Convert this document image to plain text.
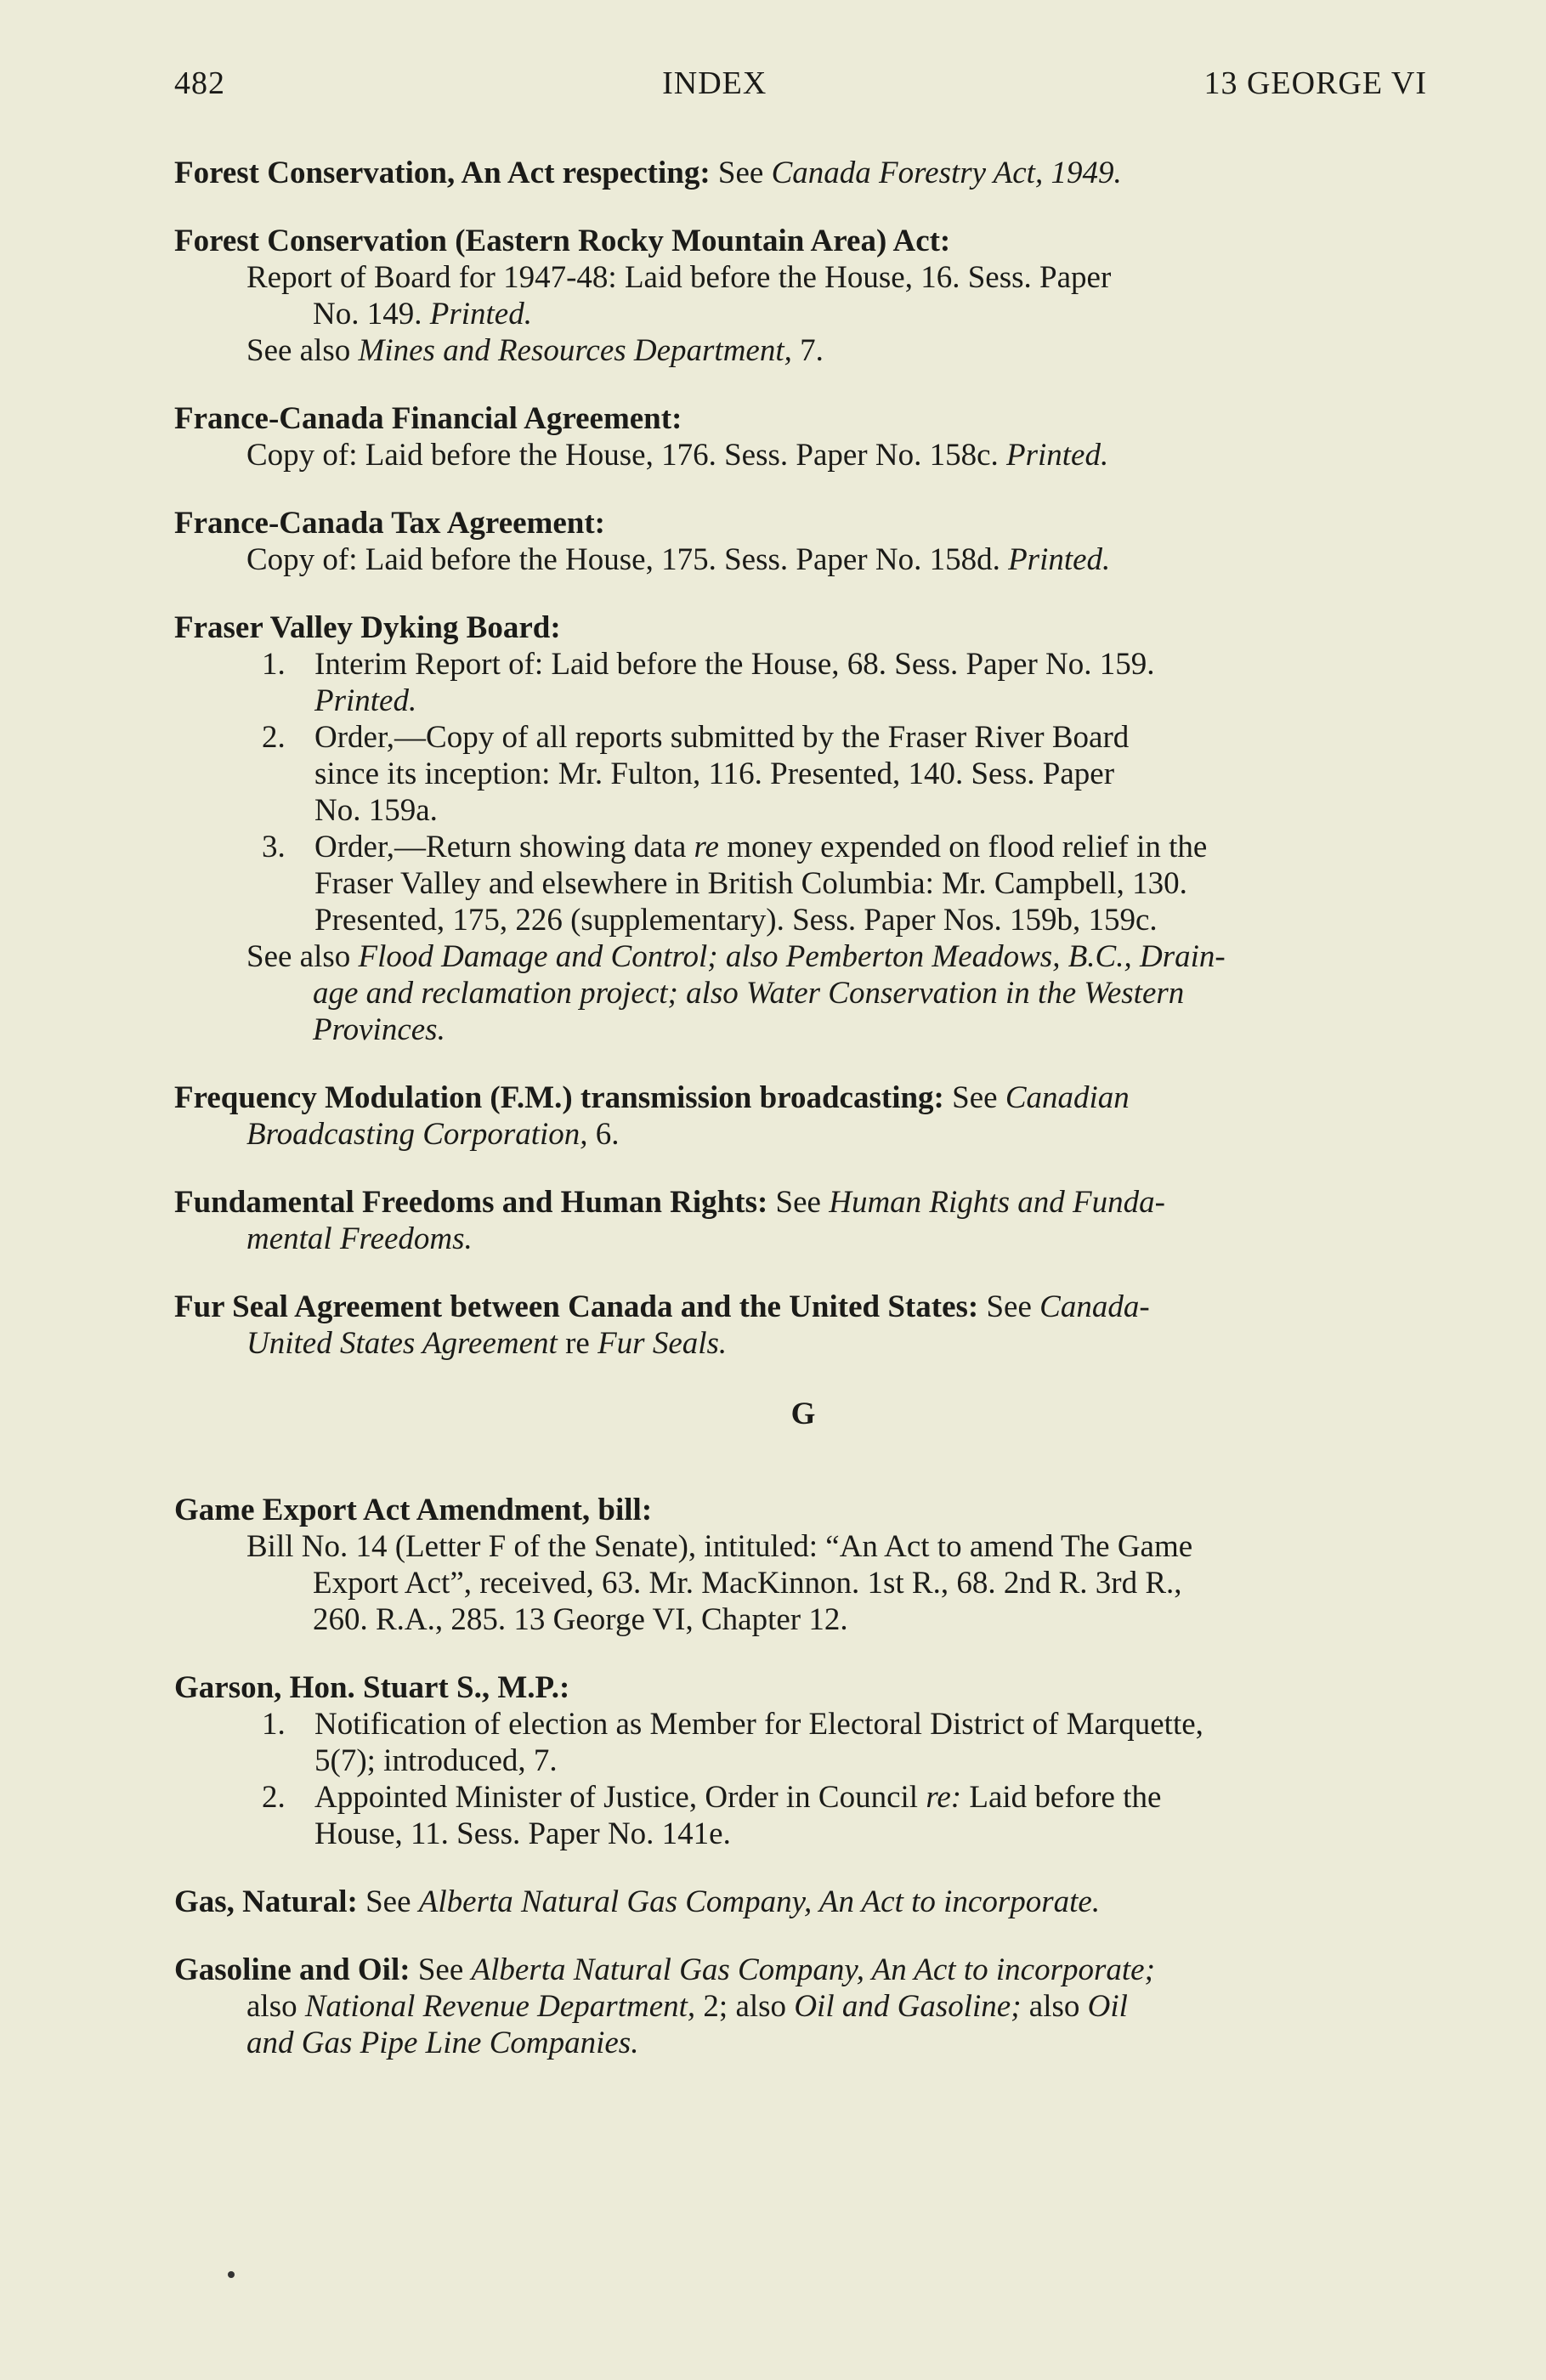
482	INDEX	13 GEORGE VI
Forest Conservation, An Act respecting: See Canada Forestry Act, 1949.
Forest Conservation (Eastern Rocky Mountain Area) Act:
Report of Board for 1947-48: Laid before the House, 16. Sess. Paper
No. 149. Printed.
See also Mines and Resources Department, 7.
France-Canada Financial Agreement:
Copy of: Laid before the House, 176. Sess. Paper No. 158c. Printed.
France-Canada Tax Agreement:
Copy of: Laid before the House, 175. Sess. Paper No. 158d. Printed.
Fraser Valley Dyking Board:
1. Interim Report of: Laid before the House, 68. Sess. Paper No. 159.
Printed.
2. Order,—Copy of all reports submitted by the Fraser River Board
since its inception: Mr. Fulton, 116. Presented, 140. Sess. Paper
No. 159a.
3. Order,—Return showing data re money expended on flood relief in the
Fraser Valley and elsewhere in British Columbia: Mr. Campbell, 130.
Presented, 175, 226 (supplementary). Sess. Paper Nos. 159b, 159c.
See also Flood Damage and Control; also Pemberton Meadows, B.C., Drain-
age and reclamation project; also Water Conservation in the Western
Provinces.
Frequency Modulation (F.M.) transmission broadcasting: See Canadian
Broadcasting Corporation, 6.
Fundamental Freedoms and Human Rights: See Human Rights and Funda-
mental Freedoms.
Fur Seal Agreement between Canada and the United States: See Canada-
United States Agreement re Fur Seals.
G
Game Export Act Amendment, bill:
Bill No. 14 (Letter F of the Senate), intituled: “An Act to amend The Game
Export Act”, received, 63. Mr. MacKinnon. 1st R., 68. 2nd R. 3rd R.,
260. R.A., 285. 13 George VI, Chapter 12.
Garson, Hon. Stuart S., M.P.:
1. Notification of election as Member for Electoral District of Marquette,
5(7); introduced, 7.
2. Appointed Minister of Justice, Order in Council re: Laid before the
House, 11. Sess. Paper No. 141e.
Gas, Natural: See Alberta Natural Gas Company, An Act to incorporate.
Gasoline and Oil: See Alberta Natural Gas Company, An Act to incorporate;
also National Revenue Department, 2; also Oil and Gasoline; also Oil
and Gas Pipe Line Companies.
